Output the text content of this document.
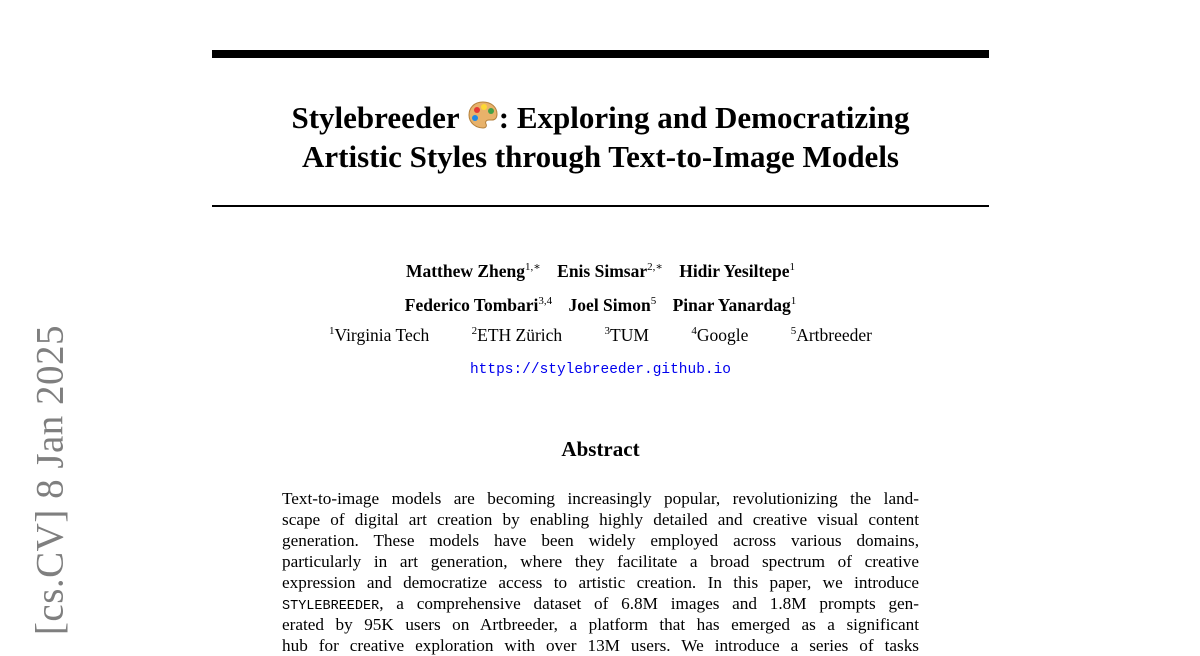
[cs.CV] 8 Jan 2025
Stylebreeder : Exploring and Democratizing
Artistic Styles through Text-to-Image Models
Matthew Zheng$^{1,∗}$ Enis Simsar$^{2,∗}$ Hidir Yesiltepe$^1$
Federico Tombari$^{3,4}$ Joel Simon$^5$ Pinar Yanardag$^1$
$^1$Virginia Tech	$^2$ETH Zürich	$^3$TUM	$^4$Google	$^5$Artbreeder
https://stylebreeder.github.io
Abstract
Text-to-image models are becoming increasingly popular, revolutionizing the land-
scape of digital art creation by enabling highly detailed and creative visual content
generation. These models have been widely employed across various domains,
particularly in art generation, where they facilitate a broad spectrum of creative
expression and democratize access to artistic creation. In this paper, we introduce
STYLEBREEDER, a comprehensive dataset of 6.8M images and 1.8M prompts gen-
erated by 95K users on Artbreeder, a platform that has emerged as a significant
hub for creative exploration with over 13M users. We introduce a series of tasks
